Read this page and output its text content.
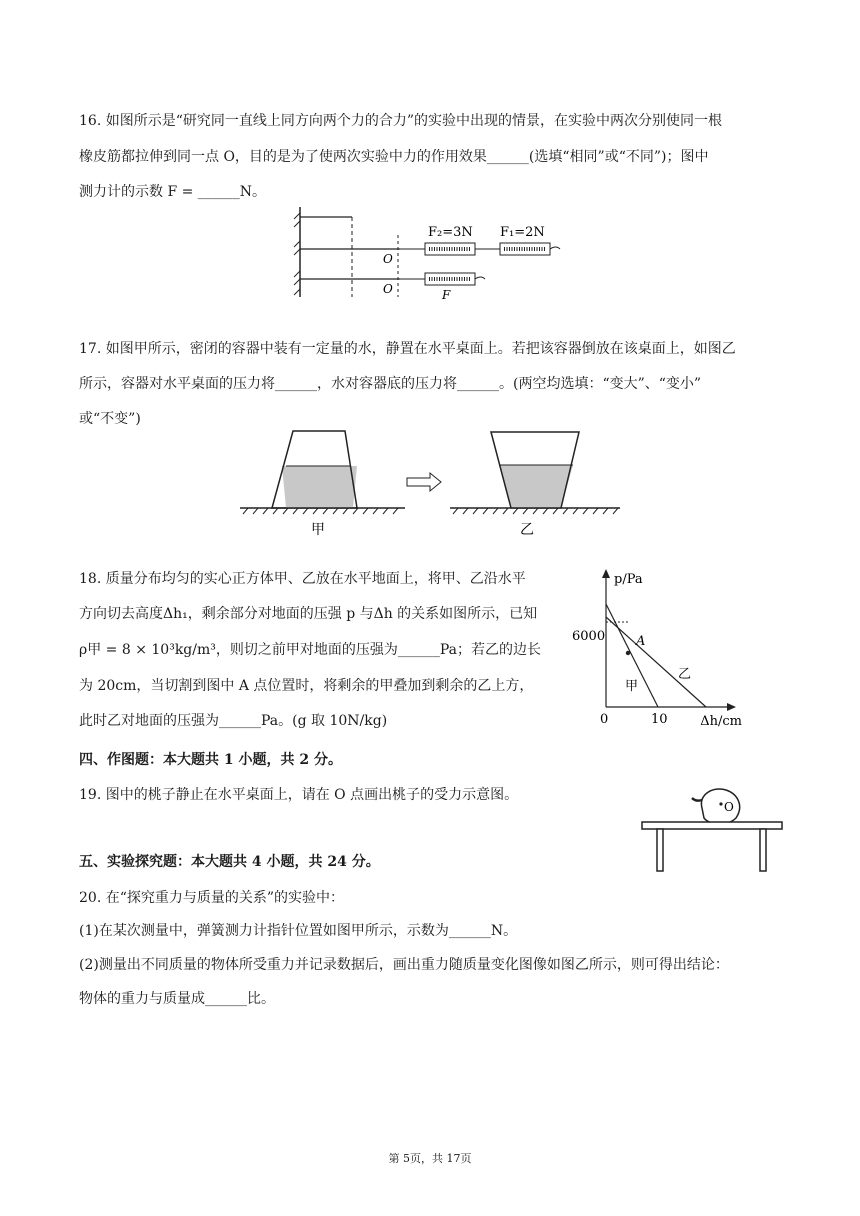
16. 如图所示是“研究同一直线上同方向两个力的合力”的实验中出现的情景，在实验中两次分别使同一根
橡皮筋都拉伸到同一点 O，目的是为了使两次实验中力的作用效果______(选填“相同”或“不同”)；图中
测力计的示数 F = ______N。
F₂=3N F₁=2N
O
O	F
17. 如图甲所示，密闭的容器中装有一定量的水，静置在水平桌面上。若把该容器倒放在该桌面上，如图乙
所示，容器对水平桌面的压力将______，水对容器底的压力将______。(两空均选填：“变大”、“变小”
或“不变”)
甲	乙
18. 质量分布均匀的实心正方体甲、乙放在水平地面上，将甲、乙沿水平
方向切去高度Δh₁，剩余部分对地面的压强 p 与Δh 的关系如图所示，已知
ρ甲 = 8 × 10³kg/m³，则切之前甲对地面的压强为______Pa；若乙的边长
为 20cm，当切割到图中 A 点位置时，将剩余的甲叠加到剩余的乙上方，
此时乙对地面的压强为______Pa。(g 取 10N/kg)
p/Pa
Δh/cm
6000
10
0
A
甲
乙
四、作图题：本大题共 1 小题，共 2 分。
19. 图中的桃子静止在水平桌面上，请在 O 点画出桃子的受力示意图。
O
五、实验探究题：本大题共 4 小题，共 24 分。
20. 在“探究重力与质量的关系”的实验中：
(1)在某次测量中，弹簧测力计指针位置如图甲所示，示数为______N。
(2)测量出不同质量的物体所受重力并记录数据后，画出重力随质量变化图像如图乙所示，则可得出结论：
物体的重力与质量成______比。
第 5页，共 17页
